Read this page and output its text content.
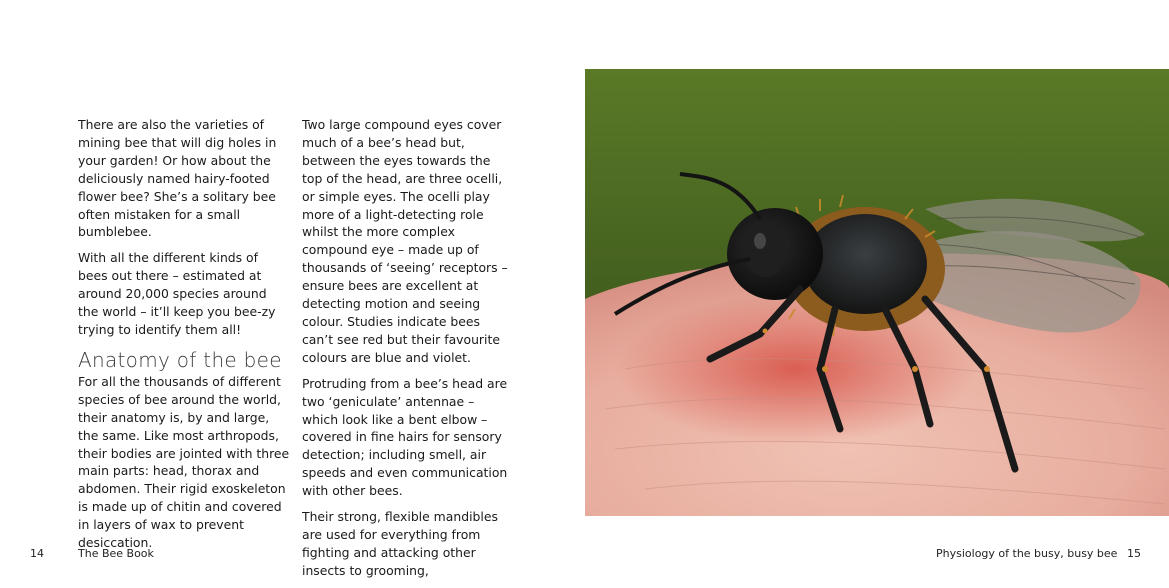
There are also the varieties of mining bee that will dig holes in your garden! Or how about the deliciously named hairy-footed flower bee? She’s a solitary bee often mistaken for a small bumblebee.

With all the different kinds of bees out there – estimated at around 20,000 species around the world – it’ll keep you bee-zy trying to identify them all!

Anatomy of the bee

For all the thousands of different species of bee around the world, their anatomy is, by and large, the same. Like most arthropods, their bodies are jointed with three main parts: head, thorax and abdomen. Their rigid exoskeleton is made up of chitin and covered in layers of wax to prevent desiccation.

Two large compound eyes cover much of a bee’s head but, between the eyes towards the top of the head, are three ocelli, or simple eyes. The ocelli play more of a light-detecting role whilst the more complex compound eye – made up of thousands of ‘seeing’ receptors – ensure bees are excellent at detecting motion and seeing colour. Studies indicate bees can’t see red but their favourite colours are blue and violet.

Protruding from a bee’s head are two ‘geniculate’ antennae – which look like a bent elbow – covered in fine hairs for sensory detection; including smell, air speeds and even communication with other bees.

Their strong, flexible mandibles are used for everything from fighting and attacking other insects to grooming,

14	The Bee Book	Physiology of the busy, busy bee 15
